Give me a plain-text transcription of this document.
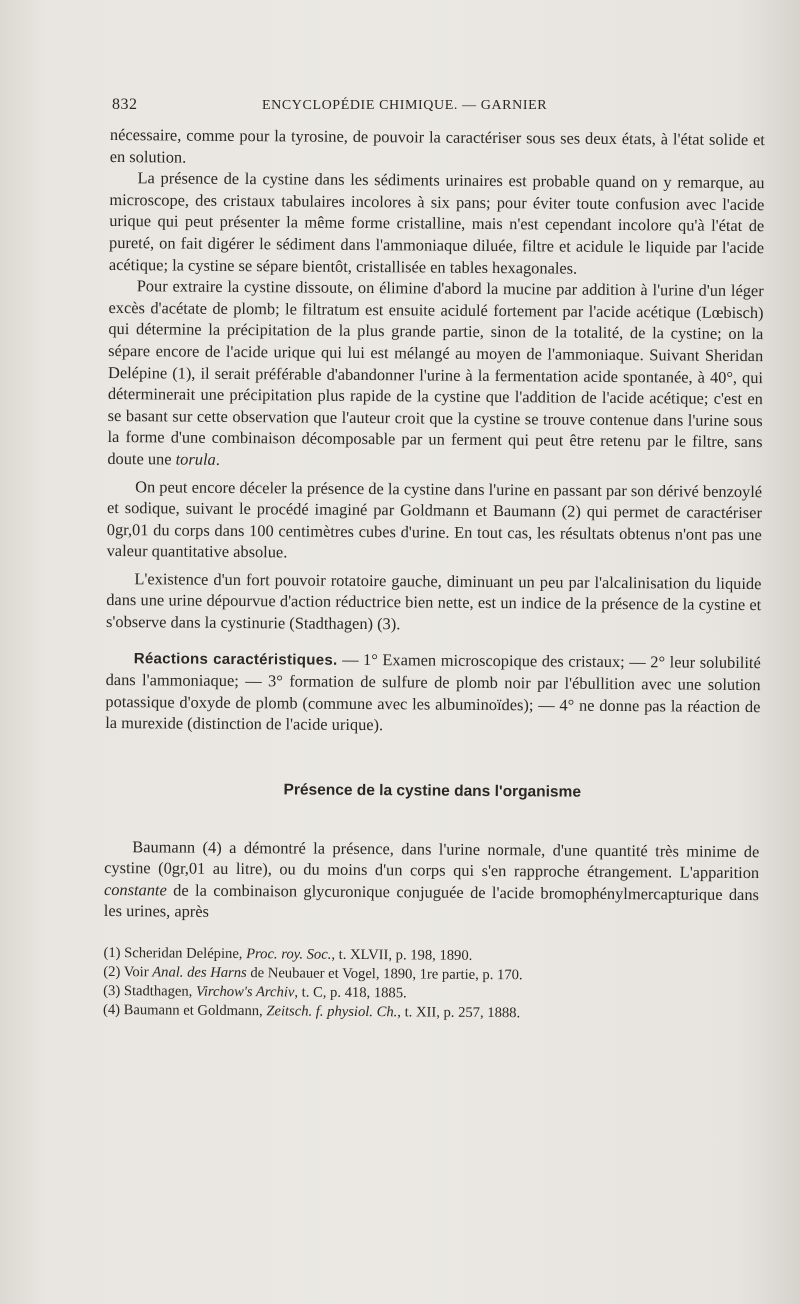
832	ENCYCLOPÉDIE CHIMIQUE. — GARNIER

nécessaire, comme pour la tyrosine, de pouvoir la caractériser sous ses deux états, à l'état solide et en solution.

La présence de la cystine dans les sédiments urinaires est probable quand on y remarque, au microscope, des cristaux tabulaires incolores à six pans; pour éviter toute confusion avec l'acide urique qui peut présenter la même forme cristalline, mais n'est cependant incolore qu'à l'état de pureté, on fait digérer le sédiment dans l'ammoniaque diluée, filtre et acidule le liquide par l'acide acétique; la cystine se sépare bientôt, cristallisée en tables hexagonales.

Pour extraire la cystine dissoute, on élimine d'abord la mucine par addition à l'urine d'un léger excès d'acétate de plomb; le filtratum est ensuite acidulé fortement par l'acide acétique (Lœbisch) qui détermine la précipitation de la plus grande partie, sinon de la totalité, de la cystine; on la sépare encore de l'acide urique qui lui est mélangé au moyen de l'ammoniaque. Suivant Sheridan Delépine (1), il serait préférable d'abandonner l'urine à la fermentation acide spontanée, à 40°, qui déterminerait une précipitation plus rapide de la cystine que l'addition de l'acide acétique; c'est en se basant sur cette observation que l'auteur croit que la cystine se trouve contenue dans l'urine sous la forme d'une combinaison décomposable par un ferment qui peut être retenu par le filtre, sans doute une torula.

On peut encore déceler la présence de la cystine dans l'urine en passant par son dérivé benzoylé et sodique, suivant le procédé imaginé par Goldmann et Baumann (2) qui permet de caractériser 0gr,01 du corps dans 100 centimètres cubes d'urine. En tout cas, les résultats obtenus n'ont pas une valeur quantitative absolue.

L'existence d'un fort pouvoir rotatoire gauche, diminuant un peu par l'alcalinisation du liquide dans une urine dépourvue d'action réductrice bien nette, est un indice de la présence de la cystine et s'observe dans la cystinurie (Stadthagen) (3).

Réactions caractéristiques. — 1° Examen microscopique des cristaux; — 2° leur solubilité dans l'ammoniaque; — 3° formation de sulfure de plomb noir par l'ébullition avec une solution potassique d'oxyde de plomb (commune avec les albuminoïdes); — 4° ne donne pas la réaction de la murexide (distinction de l'acide urique).

Présence de la cystine dans l'organisme

Baumann (4) a démontré la présence, dans l'urine normale, d'une quantité très minime de cystine (0gr,01 au litre), ou du moins d'un corps qui s'en rapproche étrangement. L'apparition constante de la combinaison glycuronique conjuguée de l'acide bromophénylmercapturique dans les urines, après

(1) Scheridan Delépine, Proc. roy. Soc., t. XLVII, p. 198, 1890.
(2) Voir Anal. des Harns de Neubauer et Vogel, 1890, 1re partie, p. 170.
(3) Stadthagen, Virchow's Archiv, t. C, p. 418, 1885.
(4) Baumann et Goldmann, Zeitsch. f. physiol. Ch., t. XII, p. 257, 1888.
